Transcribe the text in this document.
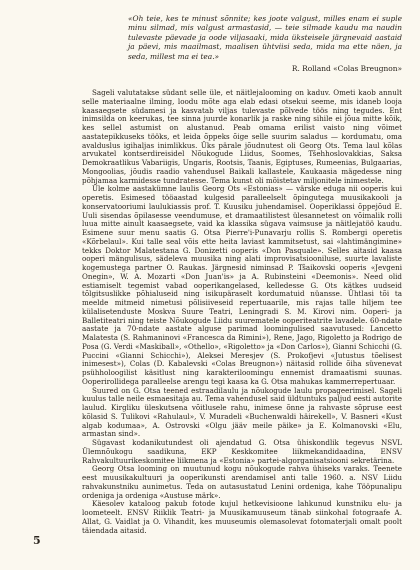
«Oh teie, kes te minust sõnnite; kes joote valgust, milles enam ei suple minu silmad, mis valgust armastasid, — teie silmade kaudu ma naudin tulevaste päevade ja oode viljasaaki, mida üksteisele järgnevaid aastaid ja päevi, mis maailmast, maalisen ühtviisi seda, mida ma ette näen, ja seda, millest ma ei tea.»
R. Rolland «Colas Breugnon»

Sageli valutatakse südant selle üle, et näitlejalooming on kaduv. Ometi kaob annult selle materiaalne ilming, loodu mõte aga elab edasi otsekui seeme, mis idaneb looja kaasaegsete südamesi ja kasvatab viljas tulevaste põlvede töös ning tegudes. Ent inimsilda on keerukas, tee sinna juurde konarlik ja raske ning sihile ei jõua mitte kõik, kes sellel astumist on alustanud. Peab omama erilist vaisto ning võimet aastatepikkuseks tööks, et leida õppeks õige selle suurim saladus — kordumatu, oma avalduslus igihaljas inimlikkus. Üks pärale jõudnutest oli Georg Ots. Tema laul kõlas arvukatel kontserdireisidel Nõukogude Liidus, Soomes, Tšehhoslovakkias, Saksa Demokraatlikus Vabariigis, Ungaris, Rootsis, Taanis, Egiptuses, Rumeenias, Bulgaarias, Mongoolias, jõudis raadio vahendusel Baikali kallastele, Kaukaasia mägedesse ning põhjamaa karmidesse tundratesse. Tema kunst oli mõistetav miljonitele inimestele.

Üle kolme aastakümne laulis Georg Ots «Estonias» — värske eduga nii ooperis kui operetis. Esimesed tööaastad kulgesid paralleelselt õpingutega muusikakooli ja konservatooriumi laulukiassis prof. T. Kuusiku juhendamisel. Ooperiklassi õppejõud E. Uuli sisendas õpilasesse veendumuse, et dramaatilistest ülesannetest on võimalik rolli luua mitte ainult kaasaegsete, vaid ka klassika sügava vaimsuse ja näitlejatöö kaudu. Esimene suur menu saatis G. Otsa Pierre'i-Punavarju rollis S. Rombergi operetis «Kõrbelaul». Kui talle seal võis ette heita laviast kammitsetust, sai «lahtimängimine» tekks Doktor Malatestana G. Donizetti ooperis «Don Pasquale». Selles aitasid kaasa ooperi mängulisus, sädeleva muusika ning alati improvisatsiooniluse, suurte lavaliste kogemustega partner O. Raukas. Järgnesid niminsad P. Tšaikovski ooperis «Jevgeni Onegin», W. A. Mozarti «Don Juan'is» ja A. Rubinsteini «Deemonis». Need olid estiamiselt tegemist vabad ooperikangelased, kelledesse G. Ots kätkes uudseid tõlgitsuslikke põhialuseid ning isikupäraselt kordumatuid nüansse. Ühtlasi tõi ta meelde mitmeid nimetusi põlisiiveseid repertuaarile, mis rajas talle hiljem tee külalisetenduste Moskva Suure Teatri, Leningradi S. M. Kirovi nim. Ooperi- ja Balletiteatri ning teiste Nõukogude Liidu suurematele ooperiteatrite lavadele. 60-ndate aastate ja 70-ndate aastate alguse parimad loomingulised saavutused: Lancetto Malatesta (S. Rahmaninovi «Francesca da Rimini»), Rene, Jago, Rigoletto ja Rodrigo de Posa (G. Verdi «Maskiball», «Othello», «Rigoletto» ja «Don Carlos»), Gianni Schicchi (G. Puccini «Gianni Schicchi»), Aleksei Meresjev (S. Prokofjevi «Jutustus tõelisest inimesest»), Colas (D. Kabalevski «Colas Breugnon») näitasid rollide õiha süvenevat psühholoogilist käsitlust ning karakteriloomingu ennemist dramaatismi suunas. Ooperirollidega paralleelse arengu tegi kaasa ka G. Otsa mahukas kammerrepertuaar.

Suured on G. Otsa teened estraadilaulu ja nõukogude laulu propageerimisel. Sageli kuulus talle neile esmaesitaja au. Tema vahendusel said üldtuntuks paljud eesti autorite laulud. Kirgliku üleskutsena võitlusele rahu, inimese õnne ja rahvaste sõpruse eest kõlasid S. Tulikovi «Rahulaul», V. Muradeli «Buchenwaldi häirekell», V. Basneri «Kust algab kodumaa», A. Ostrovski «Olgu jääv meile päike» ja E. Kolmanovski «Elu, armastan sind».

Sügavast kodanikutundest oli ajendatud G. Otsa ühiskondlik tegevus NSVL Ülemnõukogu saadikuna, EKP Keskkomitee liikmekandidaadina, ENSV Rahvakultuurikeskomitee liikmena ja «Estonia» partei-algorganisatsiooni sekretärina.

Georg Otsa looming on muutunud kogu nõukogude rahva ühiseks varaks. Teenete eest muusikakultuuri ja ooperikunsti arendamisel anti talle 1960. a. NSV Liidu rahvakunstniku aunimetus. Teda on autasustatud Lenini ordeniga, kahe Tööpunalipu ordeniga ja ordeniga «Austuse märk».

Käesolev kataloog pakub fotode kujul hetkevisioone lahkunud kunstniku elu- ja loometeelt. ENSV Riiklik Teatri- ja Muusikamuuseum tänab siinkohal fotograafe A. Allat, G. Vaidlat ja O. Vihandit, kes muuseumis olemasolevat fotomaterjali omalt poolt täiendada aitasid.

5
